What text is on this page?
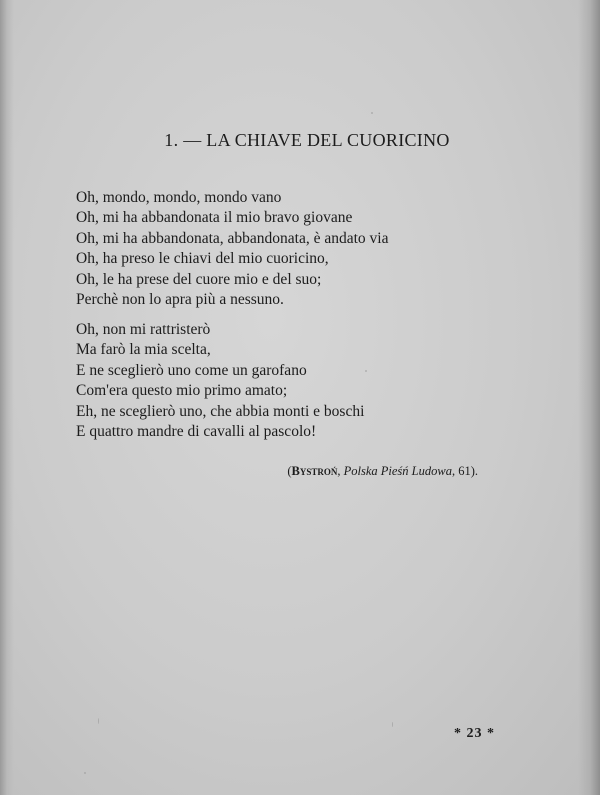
1. — LA CHIAVE DEL CUORICINO
Oh, mondo, mondo, mondo vano
Oh, mi ha abbandonata il mio bravo giovane
Oh, mi ha abbandonata, abbandonata, è andato via
Oh, ha preso le chiavi del mio cuoricino,
Oh, le ha prese del cuore mio e del suo;
Perchè non lo apra più a nessuno.
Oh, non mi rattristerò
Ma farò la mia scelta,
E ne sceglierò uno come un garofano
Com'era questo mio primo amato;
Eh, ne sceglierò uno, che abbia monti e boschi
E quattro mandre di cavalli al pascolo!
(Bystroń, Polska Pieśń Ludowa, 61).
* 23 *
